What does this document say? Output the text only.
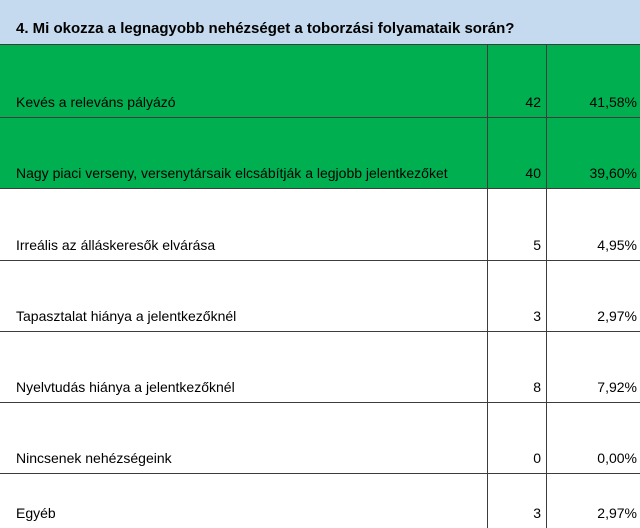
4. Mi okozza a legnagyobb nehézséget a toborzási folyamataik során?
Kevés a releváns pályázó	42	41,58%
Nagy piaci verseny, versenytársaik elcsábítják a legjobb jelentkezőket	40	39,60%
Irreális az álláskeresők elvárása	5	4,95%
Tapasztalat hiánya a jelentkezőknél	3	2,97%
Nyelvtudás hiánya a jelentkezőknél	8	7,92%
Nincsenek nehézségeink	0	0,00%
Egyéb	3	2,97%
